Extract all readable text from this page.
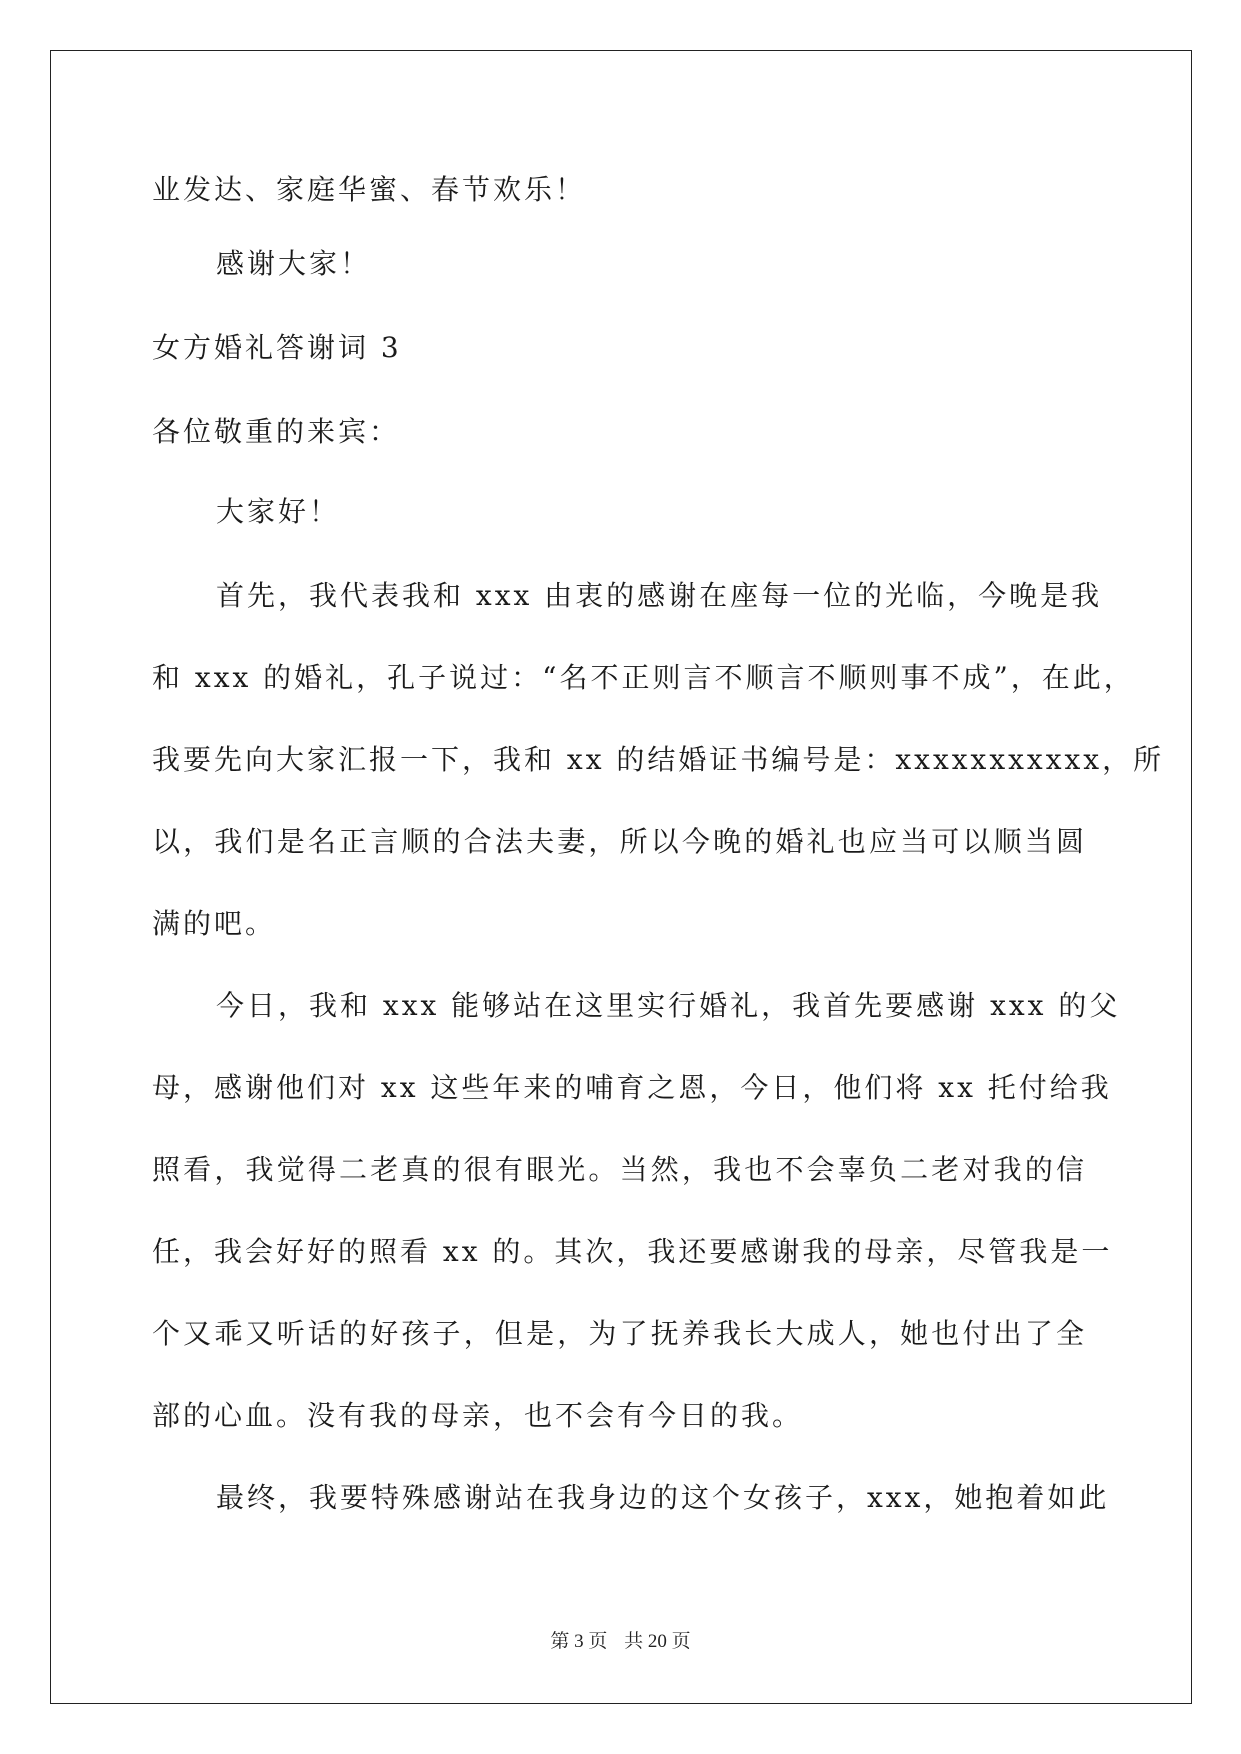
业发达、家庭华蜜、春节欢乐！
感谢大家！
女方婚礼答谢词 3
各位敬重的来宾：
大家好！
首先，我代表我和 xxx 由衷的感谢在座每一位的光临，今晚是我
和 xxx 的婚礼，孔子说过：“名不正则言不顺言不顺则事不成”，在此，
我要先向大家汇报一下，我和 xx 的结婚证书编号是：xxxxxxxxxxx，所
以，我们是名正言顺的合法夫妻，所以今晚的婚礼也应当可以顺当圆
满的吧。
今日，我和 xxx 能够站在这里实行婚礼，我首先要感谢 xxx 的父
母，感谢他们对 xx 这些年来的哺育之恩，今日，他们将 xx 托付给我
照看，我觉得二老真的很有眼光。当然，我也不会辜负二老对我的信
任，我会好好的照看 xx 的。其次，我还要感谢我的母亲，尽管我是一
个又乖又听话的好孩子，但是，为了抚养我长大成人，她也付出了全
部的心血。没有我的母亲，也不会有今日的我。
最终，我要特殊感谢站在我身边的这个女孩子，xxx，她抱着如此
第 3 页 共 20 页
